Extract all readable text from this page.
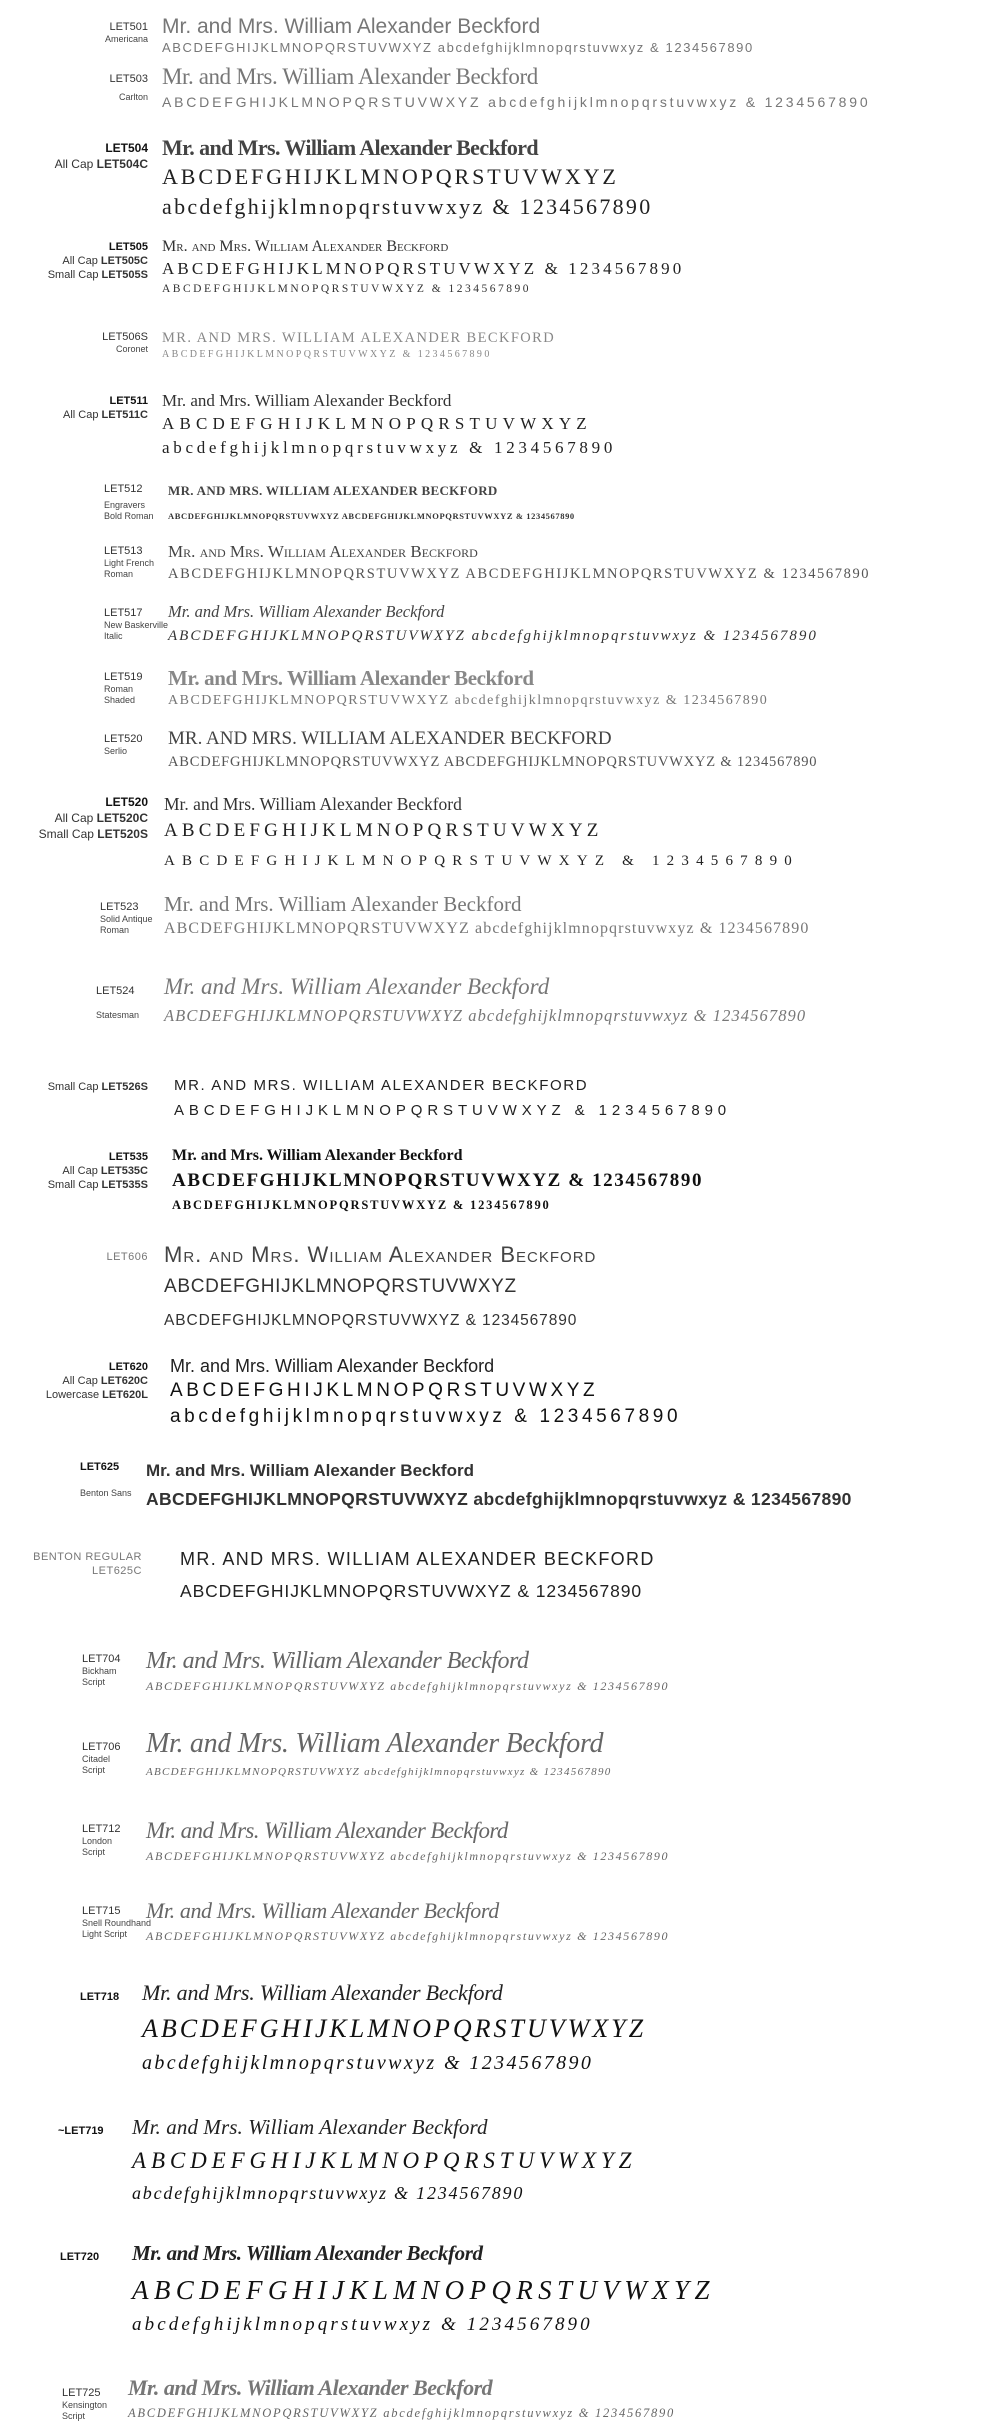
LET501
Americana
Mr. and Mrs. William Alexander Beckford
ABCDEFGHIJKLMNOPQRSTUVWXYZ abcdefghijklmnopqrstuvwxyz & 1234567890
LET503
Carlton
Mr. and Mrs. William Alexander Beckford
ABCDEFGHIJKLMNOPQRSTUVWXYZ abcdefghijklmnopqrstuvwxyz & 1234567890
LET504
All Cap LET504C
Mr. and Mrs. William Alexander Beckford
ABCDEFGHIJKLMNOPQRSTUVWXYZ
abcdefghijklmnopqrstuvwxyz & 1234567890
LET505
All Cap LET505C
Small Cap LET505S
Mr. and Mrs. William Alexander Beckford
ABCDEFGHIJKLMNOPQRSTUVWXYZ & 1234567890
ABCDEFGHIJKLMNOPQRSTUVWXYZ & 1234567890
LET506S
Coronet
MR. AND MRS. WILLIAM ALEXANDER BECKFORD
ABCDEFGHIJKLMNOPQRSTUVWXYZ & 1234567890
LET511
All Cap LET511C
Mr. and Mrs. William Alexander Beckford
ABCDEFGHIJKLMNOPQRSTUVWXYZ
abcdefghijklmnopqrstuvwxyz & 1234567890
LET512
Engravers
Bold Roman
MR. AND MRS. WILLIAM ALEXANDER BECKFORD
ABCDEFGHIJKLMNOPQRSTUVWXYZ ABCDEFGHIJKLMNOPQRSTUVWXYZ & 1234567890
LET513
Light French
Roman
Mr. and Mrs. William Alexander Beckford
ABCDEFGHIJKLMNOPQRSTUVWXYZ ABCDEFGHIJKLMNOPQRSTUVWXYZ & 1234567890
LET517
New Baskerville
Italic
Mr. and Mrs. William Alexander Beckford
ABCDEFGHIJKLMNOPQRSTUVWXYZ abcdefghijklmnopqrstuvwxyz & 1234567890
LET519
Roman
Shaded
Mr. and Mrs. William Alexander Beckford
ABCDEFGHIJKLMNOPQRSTUVWXYZ abcdefghijklmnopqrstuvwxyz & 1234567890
LET520
Serlio
MR. AND MRS. WILLIAM ALEXANDER BECKFORD
ABCDEFGHIJKLMNOPQRSTUVWXYZ ABCDEFGHIJKLMNOPQRSTUVWXYZ & 1234567890
LET520
All Cap LET520C
Small Cap LET520S
Mr. and Mrs. William Alexander Beckford
ABCDEFGHIJKLMNOPQRSTUVWXYZ
ABCDEFGHIJKLMNOPQRSTUVWXYZ & 1234567890
LET523
Solid Antique
Roman
Mr. and Mrs. William Alexander Beckford
ABCDEFGHIJKLMNOPQRSTUVWXYZ abcdefghijklmnopqrstuvwxyz & 1234567890
LET524
Statesman
Mr. and Mrs. William Alexander Beckford
ABCDEFGHIJKLMNOPQRSTUVWXYZ abcdefghijklmnopqrstuvwxyz & 1234567890
Small Cap LET526S MR. AND MRS. WILLIAM ALEXANDER BECKFORD
ABCDEFGHIJKLMNOPQRSTUVWXYZ & 1234567890
LET535
All Cap LET535C
Small Cap LET535S
Mr. and Mrs. William Alexander Beckford
ABCDEFGHIJKLMNOPQRSTUVWXYZ & 1234567890
ABCDEFGHIJKLMNOPQRSTUVWXYZ & 1234567890
LET606 Mr. and Mrs. William Alexander Beckford
ABCDEFGHIJKLMNOPQRSTUVWXYZ
ABCDEFGHIJKLMNOPQRSTUVWXYZ & 1234567890
LET620
All Cap LET620C
Lowercase LET620L
Mr. and Mrs. William Alexander Beckford
ABCDEFGHIJKLMNOPQRSTUVWXYZ
abcdefghijklmnopqrstuvwxyz & 1234567890
LET625
Benton Sans
Mr. and Mrs. William Alexander Beckford
ABCDEFGHIJKLMNOPQRSTUVWXYZ abcdefghijklmnopqrstuvwxyz & 1234567890
BENTON REGULAR
LET625C
MR. AND MRS. WILLIAM ALEXANDER BECKFORD
ABCDEFGHIJKLMNOPQRSTUVWXYZ & 1234567890
LET704
Bickham
Script
Mr. and Mrs. William Alexander Beckford
ABCDEFGHIJKLMNOPQRSTUVWXYZ abcdefghijklmnopqrstuvwxyz & 1234567890
LET706
Citadel
Script
Mr. and Mrs. William Alexander Beckford
ABCDEFGHIJKLMNOPQRSTUVWXYZ abcdefghijklmnopqrstuvwxyz & 1234567890
LET712
London
Script
Mr. and Mrs. William Alexander Beckford
ABCDEFGHIJKLMNOPQRSTUVWXYZ abcdefghijklmnopqrstuvwxyz & 1234567890
LET715
Snell Roundhand
Light Script
Mr. and Mrs. William Alexander Beckford
ABCDEFGHIJKLMNOPQRSTUVWXYZ abcdefghijklmnopqrstuvwxyz & 1234567890
LET718 Mr. and Mrs. William Alexander Beckford
ABCDEFGHIJKLMNOPQRSTUVWXYZ
abcdefghijklmnopqrstuvwxyz & 1234567890
~LET719 Mr. and Mrs. William Alexander Beckford
ABCDEFGHIJKLMNOPQRSTUVWXYZ
abcdefghijklmnopqrstuvwxyz & 1234567890
LET720 Mr. and Mrs. William Alexander Beckford
ABCDEFGHIJKLMNOPQRSTUVWXYZ
abcdefghijklmnopqrstuvwxyz & 1234567890
LET725
Kensington
Script
Mr. and Mrs. William Alexander Beckford
ABCDEFGHIJKLMNOPQRSTUVWXYZ abcdefghijklmnopqrstuvwxyz & 1234567890
